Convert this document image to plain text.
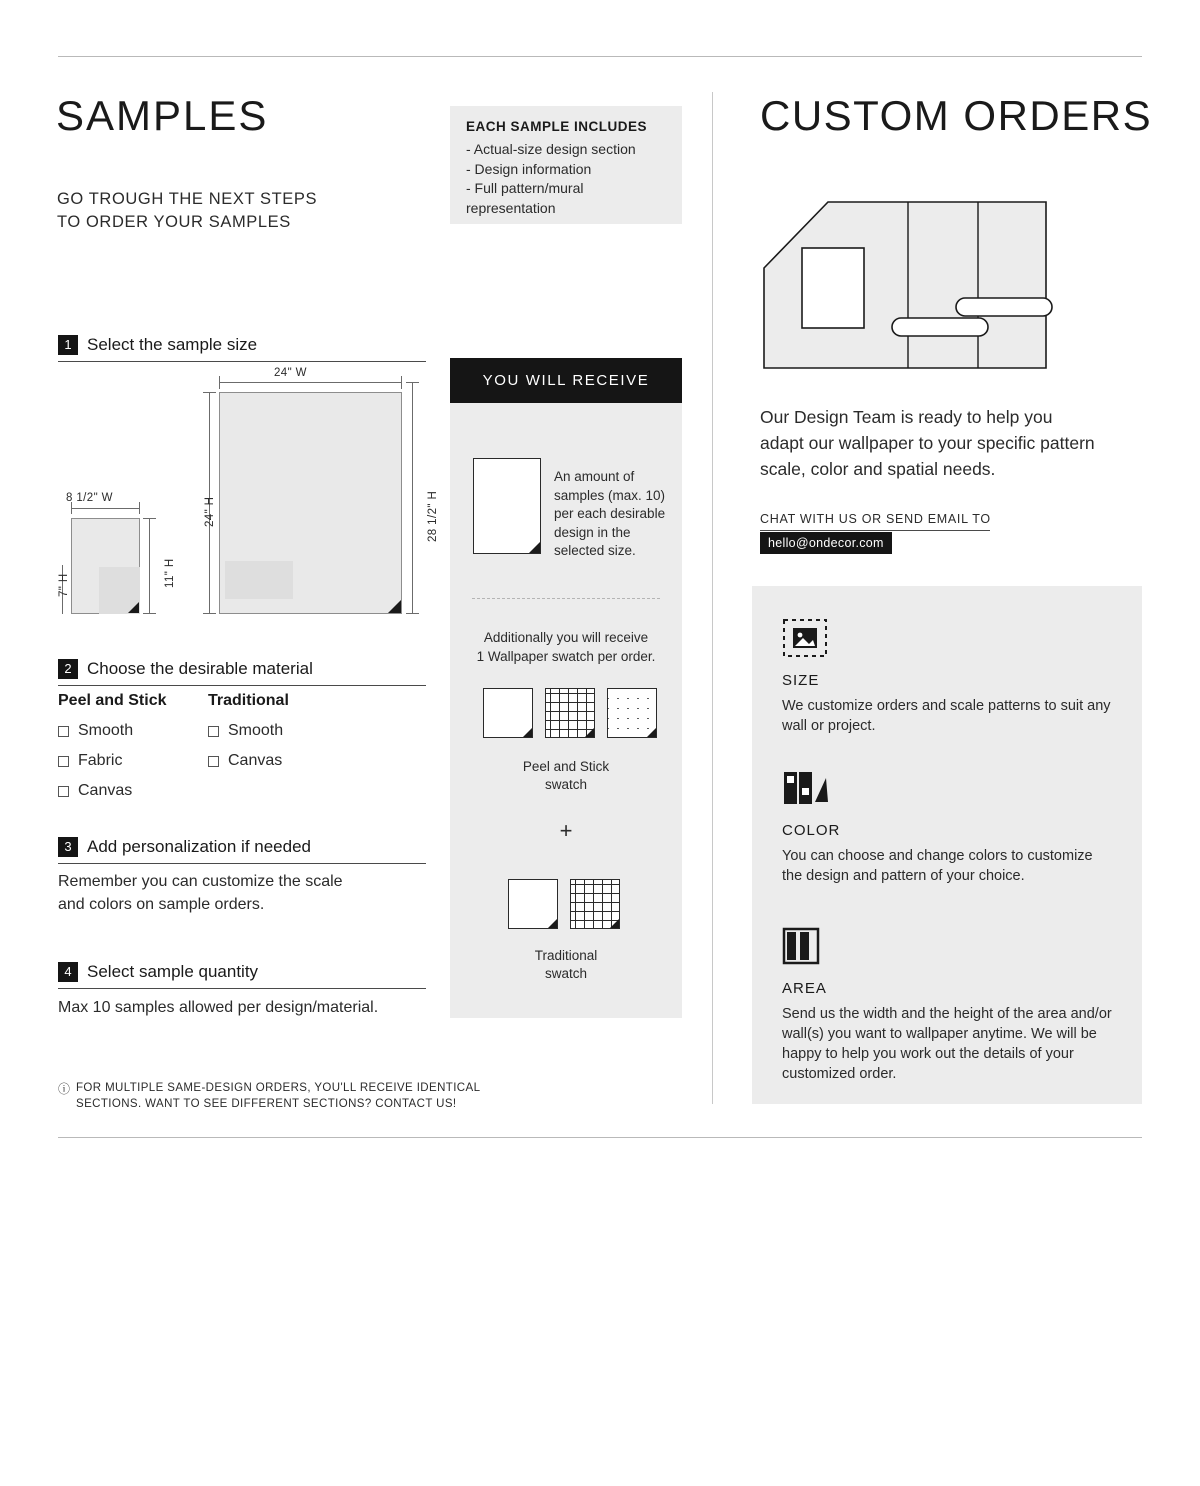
SAMPLES
GO TROUGH THE NEXT STEPS
TO ORDER YOUR SAMPLES
EACH SAMPLE INCLUDES
- Actual-size design section
- Design information
- Full pattern/mural
representation
1 Select the sample size
24" W
24" H	28 1/2" H
8 1/2" W
7" H	11" H
2 Choose the desirable material
Peel and Stick
Smooth
Fabric
Canvas
Traditional
Smooth
Canvas
3 Add personalization if needed
Remember you can customize the scale
and colors on sample orders.
4 Select sample quantity
Max 10 samples allowed per design/material.
ⓘ FOR MULTIPLE SAME-DESIGN ORDERS, YOU'LL RECEIVE IDENTICAL
SECTIONS. WANT TO SEE DIFFERENT SECTIONS? CONTACT US!
YOU WILL RECEIVE
An amount of samples (max. 10) per each desirable design in the selected size.
Additionally you will receive
1 Wallpaper swatch per order.
Peel and Stick
swatch
+
Traditional
swatch
CUSTOM ORDERS
Our Design Team is ready to help you adapt our wallpaper to your specific pattern scale, color and spatial needs.
CHAT WITH US OR SEND EMAIL TO
hello@ondecor.com
SIZE

We customize orders and scale patterns to suit any wall or project.

COLOR

You can choose and change colors to customize the design and pattern of your choice.

AREA

Send us the width and the height of the area and/or wall(s) you want to wallpaper anytime. We will be happy to help you work out the details of your customized order.
